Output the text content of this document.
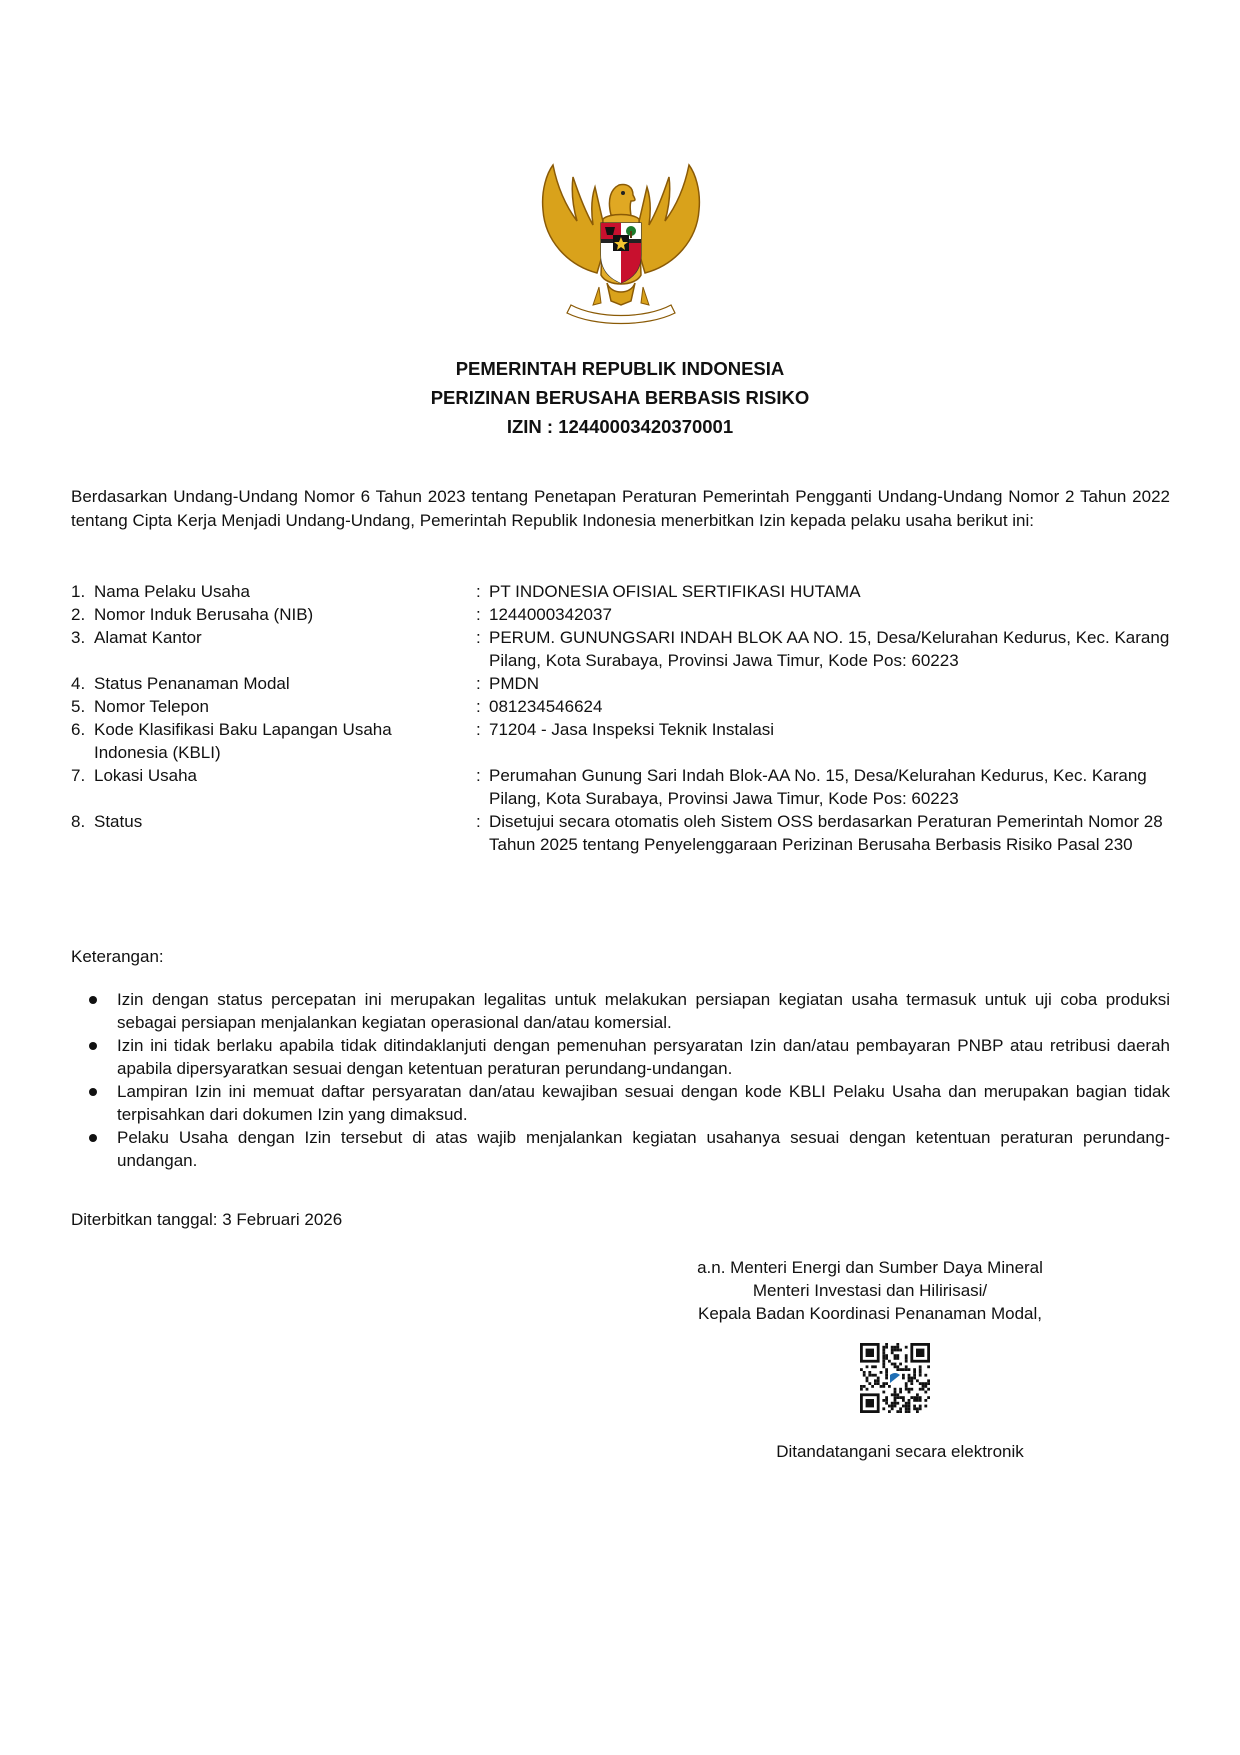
PEMERINTAH REPUBLIK INDONESIA
PERIZINAN BERUSAHA BERBASIS RISIKO
IZIN : 12440003420370001
Berdasarkan Undang-Undang Nomor 6 Tahun 2023 tentang Penetapan Peraturan Pemerintah Pengganti Undang-Undang Nomor 2 Tahun 2022 tentang Cipta Kerja Menjadi Undang-Undang, Pemerintah Republik Indonesia menerbitkan Izin kepada pelaku usaha berikut ini:
1. Nama Pelaku Usaha	: PT INDONESIA OFISIAL SERTIFIKASI HUTAMA
2. Nomor Induk Berusaha (NIB)	: 1244000342037
3. Alamat Kantor	: PERUM. GUNUNGSARI INDAH BLOK AA NO. 15, Desa/Kelurahan Kedurus, Kec. Karang Pilang, Kota Surabaya, Provinsi Jawa Timur, Kode Pos: 60223
4. Status Penanaman Modal	: PMDN
5. Nomor Telepon	: 081234546624
6. Kode Klasifikasi Baku Lapangan Usaha Indonesia (KBLI)
: 71204 - Jasa Inspeksi Teknik Instalasi
7. Lokasi Usaha	: Perumahan Gunung Sari Indah Blok-AA No. 15, Desa/Kelurahan Kedurus, Kec. Karang Pilang, Kota Surabaya, Provinsi Jawa Timur, Kode Pos: 60223
8. Status	: Disetujui secara otomatis oleh Sistem OSS berdasarkan Peraturan Pemerintah Nomor 28 Tahun 2025 tentang Penyelenggaraan Perizinan Berusaha Berbasis Risiko Pasal 230
Keterangan:
Izin dengan status percepatan ini merupakan legalitas untuk melakukan persiapan kegiatan usaha termasuk untuk uji coba produksi sebagai persiapan menjalankan kegiatan operasional dan/atau komersial.
Izin ini tidak berlaku apabila tidak ditindaklanjuti dengan pemenuhan persyaratan Izin dan/atau pembayaran PNBP atau retribusi daerah apabila dipersyaratkan sesuai dengan ketentuan peraturan perundang-undangan.
Lampiran Izin ini memuat daftar persyaratan dan/atau kewajiban sesuai dengan kode KBLI Pelaku Usaha dan merupakan bagian tidak terpisahkan dari dokumen Izin yang dimaksud.
Pelaku Usaha dengan Izin tersebut di atas wajib menjalankan kegiatan usahanya sesuai dengan ketentuan peraturan perundang-undangan.
Diterbitkan tanggal: 3 Februari 2026
a.n. Menteri Energi dan Sumber Daya Mineral
Menteri Investasi dan Hilirisasi/
Kepala Badan Koordinasi Penanaman Modal,
Ditandatangani secara elektronik
